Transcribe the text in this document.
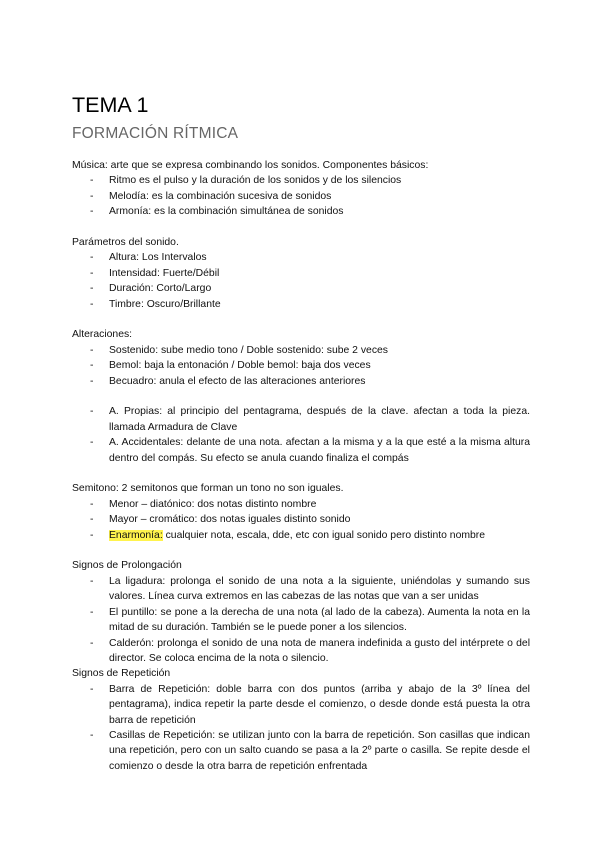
TEMA 1
FORMACIÓN RÍTMICA

Música: arte que se expresa combinando los sonidos. Componentes básicos:

- Ritmo es el pulso y la duración de los sonidos y de los silencios
- Melodía: es la combinación sucesiva de sonidos
- Armonía: es la combinación simultánea de sonidos

Parámetros del sonido.

- Altura: Los Intervalos
- Intensidad: Fuerte/Débil
- Duración: Corto/Largo
- Timbre: Oscuro/Brillante

Alteraciones:

- Sostenido: sube medio tono / Doble sostenido: sube 2 veces
- Bemol: baja la entonación / Doble bemol: baja dos veces
- Becuadro: anula el efecto de las alteraciones anteriores
- A. Propias: al principio del pentagrama, después de la clave. afectan a toda la pieza. llamada Armadura de Clave
- A. Accidentales: delante de una nota. afectan a la misma y a la que esté a la misma altura dentro del compás. Su efecto se anula cuando finaliza el compás

Semitono: 2 semitonos que forman un tono no son iguales.

- Menor – diatónico: dos notas distinto nombre
- Mayor – cromático: dos notas iguales distinto sonido
- Enarmonía: cualquier nota, escala, dde, etc con igual sonido pero distinto nombre

Signos de Prolongación

- La ligadura: prolonga el sonido de una nota a la siguiente, uniéndolas y sumando sus valores. Línea curva extremos en las cabezas de las notas que van a ser unidas
- El puntillo: se pone a la derecha de una nota (al lado de la cabeza). Aumenta la nota en la mitad de su duración. También se le puede poner a los silencios.
- Calderón: prolonga el sonido de una nota de manera indefinida a gusto del intérprete o del director. Se coloca encima de la nota o silencio.

Signos de Repetición

- Barra de Repetición: doble barra con dos puntos (arriba y abajo de la 3º línea del pentagrama), indica repetir la parte desde el comienzo, o desde donde está puesta la otra barra de repetición
- Casillas de Repetición: se utilizan junto con la barra de repetición. Son casillas que indican una repetición, pero con un salto cuando se pasa a la 2º parte o casilla. Se repite desde el comienzo o desde la otra barra de repetición enfrentada
